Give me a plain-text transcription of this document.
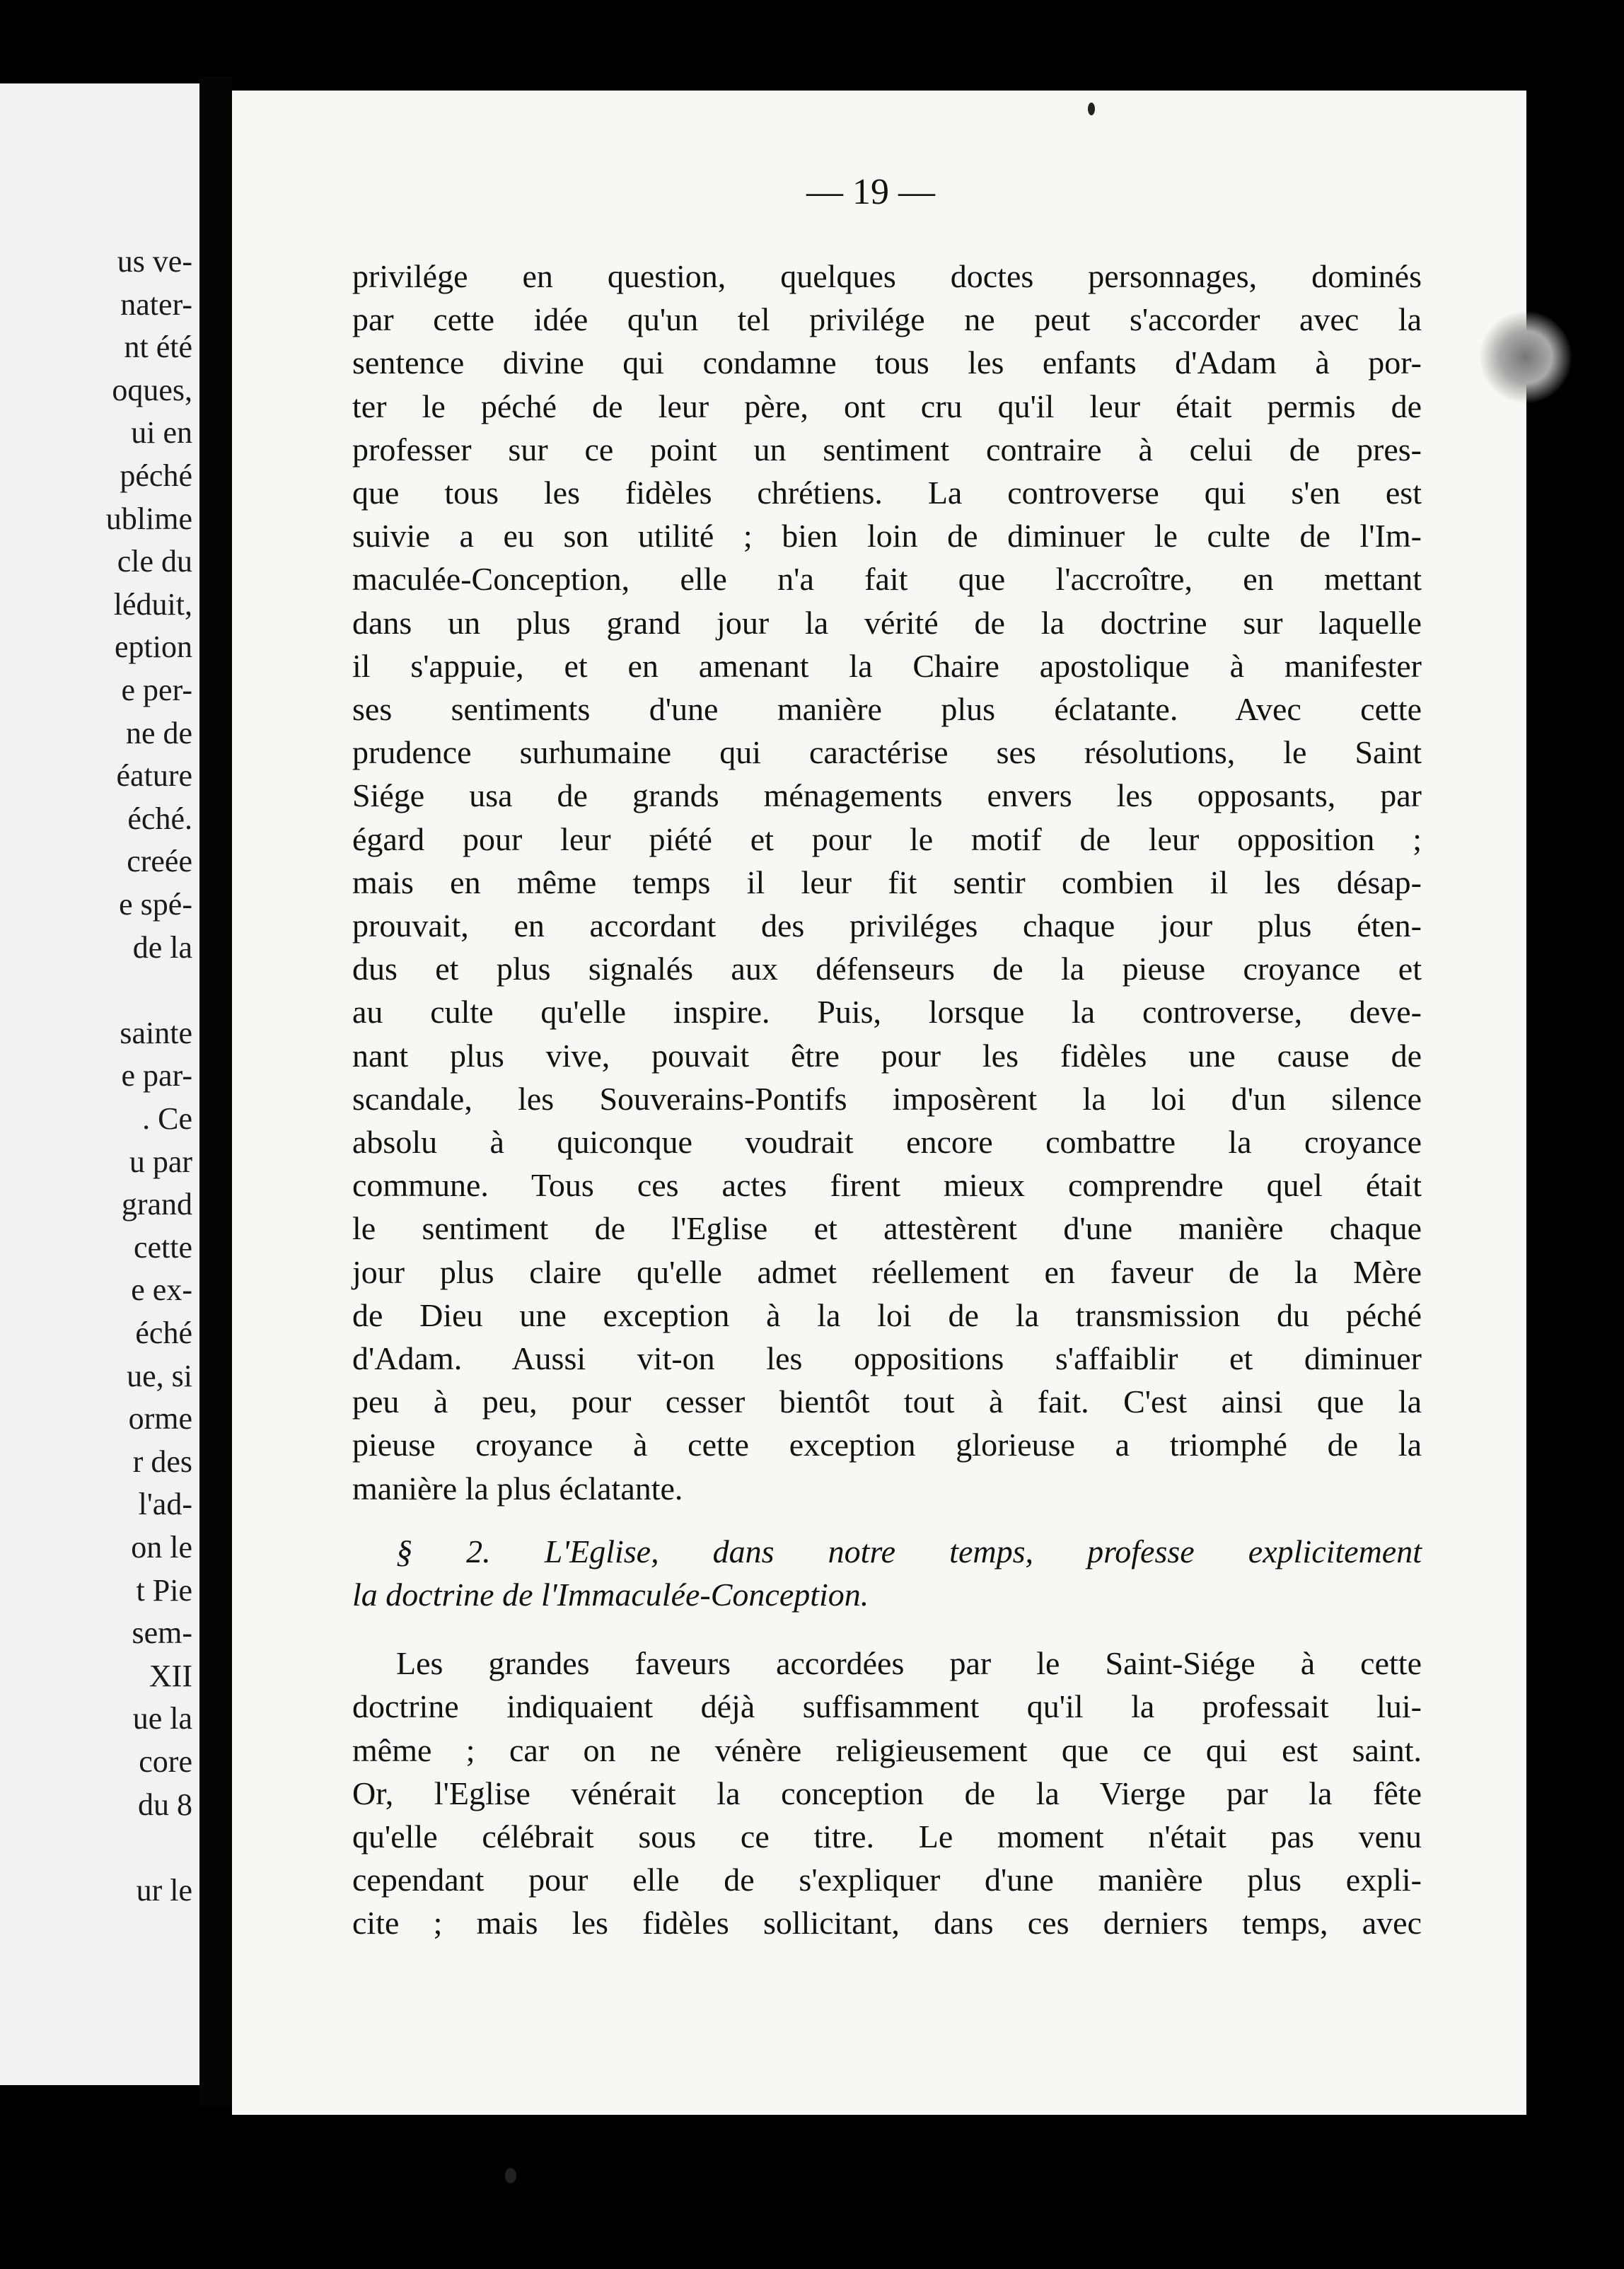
us ve-
nater-
nt été
oques,
ui en
péché
ublime
cle du
léduit,
eption
e per-
ne de
éature
éché.
creée
e spé-
de la
sainte
e par-
. Ce
u par
grand
cette
e ex-
éché
ue, si
orme
r des
l'ad-
on le
t Pie
sem-
XII
ue la
core
du 8
ur le
— 19 —
privilége en question, quelques doctes personnages, dominés
par cette idée qu'un tel privilége ne peut s'accorder avec la
sentence divine qui condamne tous les enfants d'Adam à por-
ter le péché de leur père, ont cru qu'il leur était permis de
professer sur ce point un sentiment contraire à celui de pres-
que tous les fidèles chrétiens. La controverse qui s'en est
suivie a eu son utilité ; bien loin de diminuer le culte de l'Im-
maculée-Conception, elle n'a fait que l'accroître, en mettant
dans un plus grand jour la vérité de la doctrine sur laquelle
il s'appuie, et en amenant la Chaire apostolique à manifester
ses sentiments d'une manière plus éclatante. Avec cette
prudence surhumaine qui caractérise ses résolutions, le Saint
Siége usa de grands ménagements envers les opposants, par
égard pour leur piété et pour le motif de leur opposition ;
mais en même temps il leur fit sentir combien il les désap-
prouvait, en accordant des priviléges chaque jour plus éten-
dus et plus signalés aux défenseurs de la pieuse croyance et
au culte qu'elle inspire. Puis, lorsque la controverse, deve-
nant plus vive, pouvait être pour les fidèles une cause de
scandale, les Souverains-Pontifs imposèrent la loi d'un silence
absolu à quiconque voudrait encore combattre la croyance
commune. Tous ces actes firent mieux comprendre quel était
le sentiment de l'Eglise et attestèrent d'une manière chaque
jour plus claire qu'elle admet réellement en faveur de la Mère
de Dieu une exception à la loi de la transmission du péché
d'Adam. Aussi vit-on les oppositions s'affaiblir et diminuer
peu à peu, pour cesser bientôt tout à fait. C'est ainsi que la
pieuse croyance à cette exception glorieuse a triomphé de la
manière la plus éclatante.
§ 2. L'Eglise, dans notre temps, professe explicitement
la doctrine de l'Immaculée-Conception.
Les grandes faveurs accordées par le Saint-Siége à cette
doctrine indiquaient déjà suffisamment qu'il la professait lui-
même ; car on ne vénère religieusement que ce qui est saint.
Or, l'Eglise vénérait la conception de la Vierge par la fête
qu'elle célébrait sous ce titre. Le moment n'était pas venu
cependant pour elle de s'expliquer d'une manière plus expli-
cite ; mais les fidèles sollicitant, dans ces derniers temps, avec
